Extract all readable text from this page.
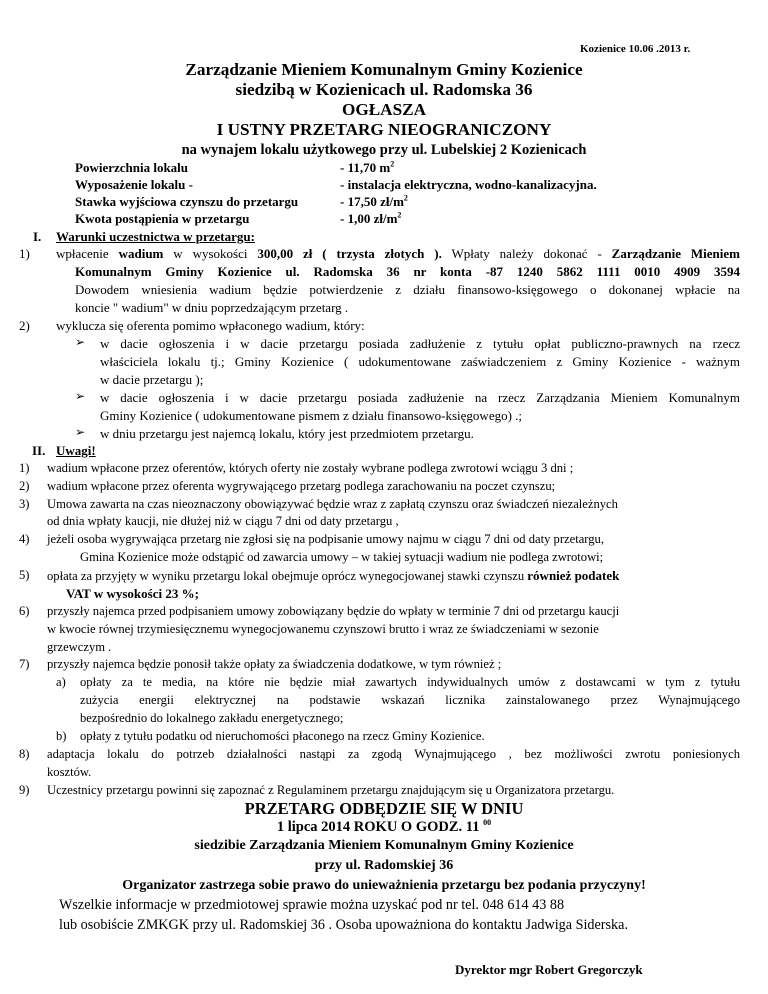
Kozienice 10.06 .2013 r.
Zarządzanie Mieniem Komunalnym Gminy Kozienice
siedzibą w Kozienicach ul. Radomska 36
OGŁASZA
I USTNY PRZETARG NIEOGRANICZONY
na wynajem lokalu użytkowego przy ul. Lubelskiej 2 Kozienicach
Powierzchnia lokalu	- 11,70 $m^2$
Wyposażenie lokalu -	- instalacja elektryczna, wodno-kanalizacyjna.
Stawka wyjściowa czynszu do przetargu	- 17,50 $zł/m^2$
Kwota postąpienia w przetargu	- 1,00 $zł/m^2$
I. Warunki uczestnictwa w przetargu:
1) wpłacenie wadium w wysokości 300,00 zł ( trzysta złotych ). Wpłaty należy dokonać - Zarządzanie Mieniem
Komunalnym Gminy Kozienice ul. Radomska 36 nr konta -87 1240 5862 1111 0010 4909 3594
Dowodem wniesienia wadium będzie potwierdzenie z działu finansowo-księgowego o dokonanej wpłacie na
koncie " wadium" w dniu poprzedzającym przetarg .
2) wyklucza się oferenta pomimo wpłaconego wadium, który:
➢ w dacie ogłoszenia i w dacie przetargu posiada zadłużenie z tytułu opłat publiczno-prawnych na rzecz
właściciela lokalu tj.; Gminy Kozienice ( udokumentowane zaświadczeniem z Gminy Kozienice - ważnym
w dacie przetargu );
➢ w dacie ogłoszenia i w dacie przetargu posiada zadłużenie na rzecz Zarządzania Mieniem Komunalnym
Gminy Kozienice ( udokumentowane pismem z działu finansowo-księgowego) .;
➢ w dniu przetargu jest najemcą lokalu, który jest przedmiotem przetargu.
II. Uwagi!
1) wadium wpłacone przez oferentów, których oferty nie zostały wybrane podlega zwrotowi wciągu 3 dni ;
2) wadium wpłacone przez oferenta wygrywającego przetarg podlega zarachowaniu na poczet czynszu;
3) Umowa zawarta na czas nieoznaczony obowiązywać będzie wraz z zapłatą czynszu oraz świadczeń niezależnych
od dnia wpłaty kaucji, nie dłużej niż w ciągu 7 dni od daty przetargu ,
4) jeżeli osoba wygrywająca przetarg nie zgłosi się na podpisanie umowy najmu w ciągu 7 dni od daty przetargu,
Gmina Kozienice może odstąpić od zawarcia umowy – w takiej sytuacji wadium nie podlega zwrotowi;
5) opłata za przyjęty w wyniku przetargu lokal obejmuje oprócz wynegocjowanej stawki czynszu również podatek
VAT w wysokości 23 %;
6) przyszły najemca przed podpisaniem umowy zobowiązany będzie do wpłaty w terminie 7 dni od przetargu kaucji
w kwocie równej trzymiesięcznemu wynegocjowanemu czynszowi brutto i wraz ze świadczeniami w sezonie
grzewczym .
7) przyszły najemca będzie ponosił także opłaty za świadczenia dodatkowe, w tym również ;
a) opłaty za te media, na które nie będzie miał zawartych indywidualnych umów z dostawcami w tym z tytułu
zużycia energii elektrycznej na podstawie wskazań licznika zainstalowanego przez Wynajmującego
bezpośrednio do lokalnego zakładu energetycznego;
b) opłaty z tytułu podatku od nieruchomości płaconego na rzecz Gminy Kozienice.
8) adaptacja lokalu do potrzeb działalności nastąpi za zgodą Wynajmującego , bez możliwości zwrotu poniesionych
kosztów.
9) Uczestnicy przetargu powinni się zapoznać z Regulaminem przetargu znajdującym się u Organizatora przetargu.
PRZETARG ODBĘDZIE SIĘ W DNIU
1 lipca 2014 ROKU O GODZ. 11 $^{00}$
siedzibie Zarządzania Mieniem Komunalnym Gminy Kozienice
przy ul. Radomskiej 36
Organizator zastrzega sobie prawo do unieważnienia przetargu bez podania przyczyny!
Wszelkie informacje w przedmiotowej sprawie można uzyskać pod nr tel. 048 614 43 88
lub osobiście ZMKGK przy ul. Radomskiej 36 . Osoba upoważniona do kontaktu Jadwiga Siderska.
Dyrektor mgr Robert Gregorczyk
